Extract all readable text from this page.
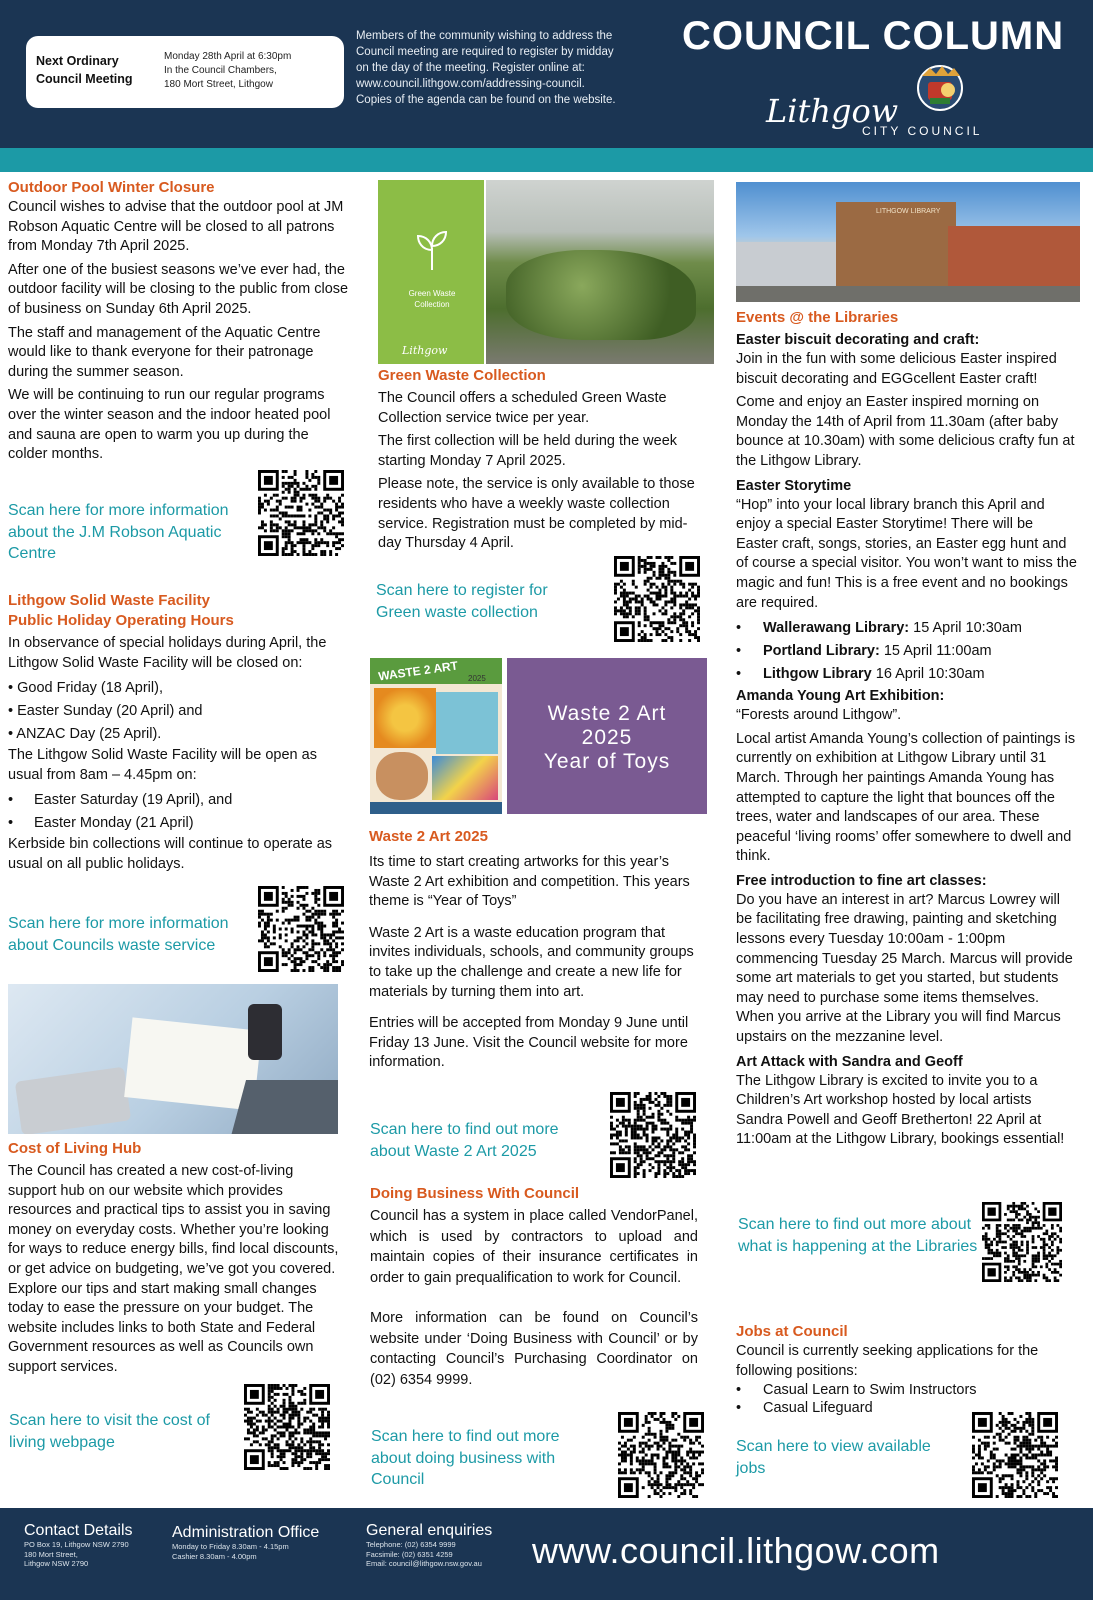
Next Ordinary
Council Meeting
Monday 28th April at 6:30pm
In the Council Chambers,
180 Mort Street, Lithgow
Members of the community wishing to address the
Council meeting are required to register by midday
on the day of the meeting. Register online at:
www.council.lithgow.com/addressing-council.
Copies of the agenda can be found on the website.
COUNCIL COLUMN
Lithgow
CITY COUNCIL
Outdoor Pool Winter Closure
Council wishes to advise that the outdoor pool at JM Robson Aquatic Centre will be closed to all patrons from Monday 7th April 2025.
After one of the busiest seasons we’ve ever had, the outdoor facility will be closing to the public from close of business on Sunday 6th April 2025.
The staff and management of the Aquatic Centre would like to thank everyone for their patronage during the summer season.
We will be continuing to run our regular programs over the winter season and the indoor heated pool and sauna are open to warm you up during the colder months.
Scan here for more information about the J.M Robson Aquatic Centre
Lithgow Solid Waste Facility
Public Holiday Operating Hours
In observance of special holidays during April, the Lithgow Solid Waste Facility will be closed on:
• Good Friday (18 April),
• Easter Sunday (20 April) and
• ANZAC Day (25 April).
The Lithgow Solid Waste Facility will be open as usual from 8am – 4.45pm on:
•	Easter Saturday (19 April), and
•	Easter Monday (21 April)
Kerbside bin collections will continue to operate as usual on all public holidays.
Scan here for more information about Councils waste service
Cost of Living Hub
The Council has created a new cost-of-living support hub on our website which provides resources and practical tips to assist you in saving money on everyday costs. Whether you’re looking for ways to reduce energy bills, find local discounts, or get advice on budgeting, we’ve got you covered. Explore our tips and start making small changes today to ease the pressure on your budget. The website includes links to both State and Federal Government resources as well as Councils own support services.
Scan here to visit the cost of living webpage
Green Waste Collection
Lithgow
Green Waste Collection
The Council offers a scheduled Green Waste Collection service twice per year.
The first collection will be held during the week starting Monday 7 April 2025.
Please note, the service is only available to those residents who have a weekly waste collection service. Registration must be completed by mid-day Thursday 4 April.
Scan here to register for Green waste collection
WASTE 2 ART 2025
Waste 2 Art
2025
Year of Toys
Waste 2 Art 2025
Its time to start creating artworks for this year’s Waste 2 Art exhibition and competition. This years theme is “Year of Toys”
Waste 2 Art is a waste education program that invites individuals, schools, and community groups to take up the challenge and create a new life for materials by turning them into art.
Entries will be accepted from Monday 9 June until Friday 13 June. Visit the Council website for more information.
Scan here to find out more about Waste 2 Art 2025
Doing Business With Council
Council has a system in place called VendorPanel, which is used by contractors to upload and maintain copies of their insurance certificates in order to gain prequalification to work for Council.
More information can be found on Council’s website under ‘Doing Business with Council’ or by contacting Council’s Purchasing Coordinator on (02) 6354 9999.
Scan here to find out more about doing business with Council
LITHGOW LIBRARY
Events @ the Libraries
Easter biscuit decorating and craft:
Join in the fun with some delicious Easter inspired biscuit decorating and EGGcellent Easter craft!
Come and enjoy an Easter inspired morning on Monday the 14th of April from 11.30am (after baby bounce at 10.30am) with some delicious crafty fun at the Lithgow Library.
Easter Storytime
“Hop” into your local library branch this April and enjoy a special Easter Storytime! There will be Easter craft, songs, stories, an Easter egg hunt and of course a special visitor. You won’t want to miss the magic and fun! This is a free event and no bookings are required.
•	Wallerawang Library: 15 April 10:30am
•	Portland Library: 15 April 11:00am
•	Lithgow Library 16 April 10:30am
Amanda Young Art Exhibition:
“Forests around Lithgow”.
Local artist Amanda Young’s collection of paintings is currently on exhibition at Lithgow Library until 31 March. Through her paintings Amanda Young has attempted to capture the light that bounces off the trees, water and landscapes of our area. These peaceful ‘living rooms’ offer somewhere to dwell and think.
Free introduction to fine art classes:
Do you have an interest in art? Marcus Lowrey will be facilitating free drawing, painting and sketching lessons every Tuesday 10:00am - 1:00pm commencing Tuesday 25 March. Marcus will provide some art materials to get you started, but students may need to purchase some items themselves. When you arrive at the Library you will find Marcus upstairs on the mezzanine level.
Art Attack with Sandra and Geoff
The Lithgow Library is excited to invite you to a Children’s Art workshop hosted by local artists Sandra Powell and Geoff Bretherton! 22 April at 11:00am at the Lithgow Library, bookings essential!
Scan here to find out more about what is happening at the Libraries
Jobs at Council
Council is currently seeking applications for the following positions:
•	Casual Learn to Swim Instructors
•	Casual Lifeguard
Scan here to view available jobs
Contact Details
PO Box 19, Lithgow NSW 2790
180 Mort Street,
Lithgow NSW 2790
Administration Office
Monday to Friday 8.30am - 4.15pm
Cashier 8.30am - 4.00pm
General enquiries
Telephone: (02) 6354 9999
Facsimile: (02) 6351 4259
Email: council@lithgow.nsw.gov.au	www.council.lithgow.com
